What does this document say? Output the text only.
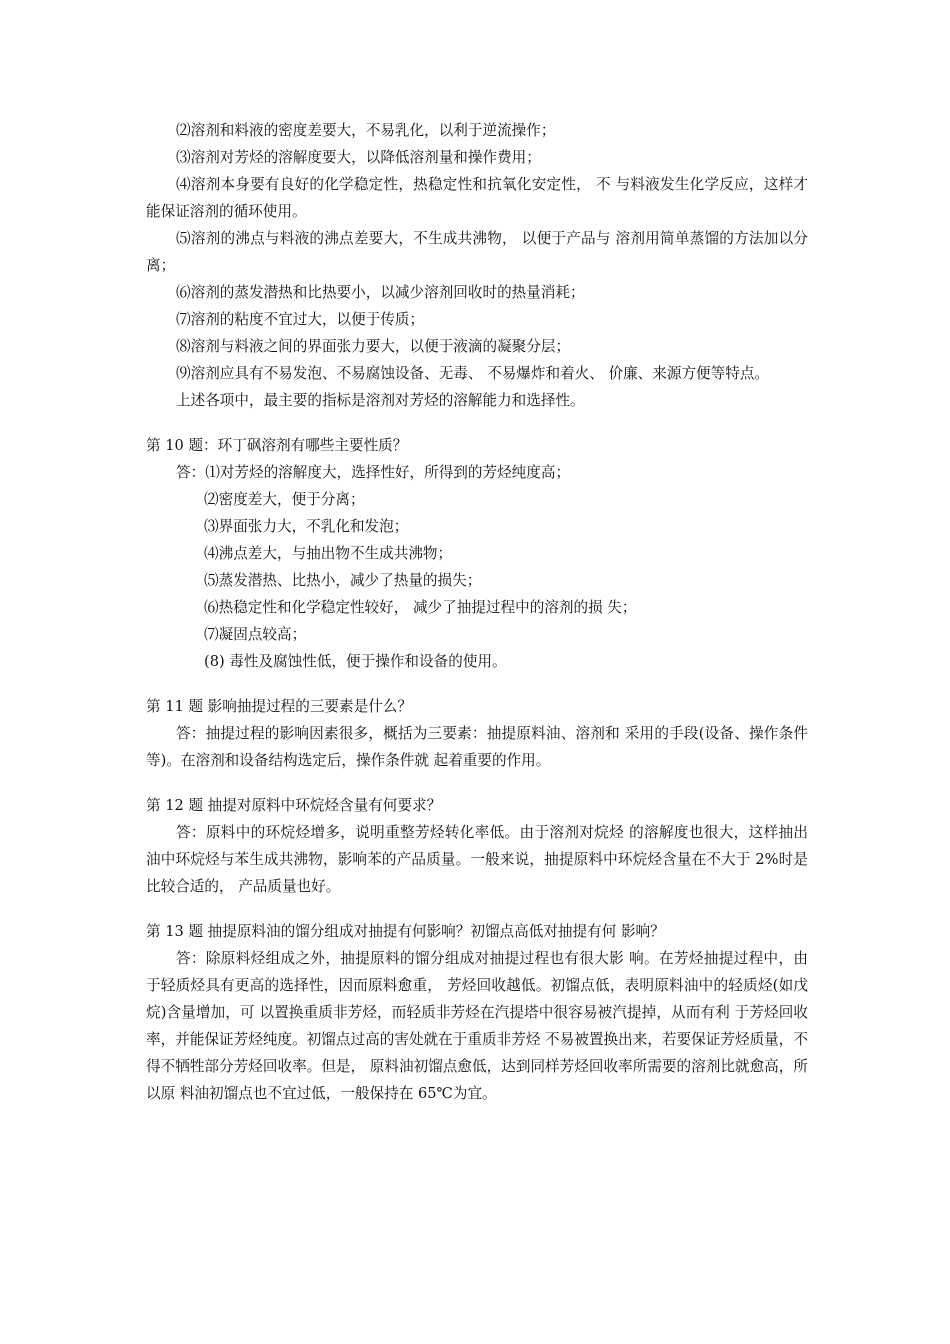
⑵溶剂和料液的密度差要大，不易乳化，以利于逆流操作；

⑶溶剂对芳烃的溶解度要大，以降低溶剂量和操作费用；

⑷溶剂本身要有良好的化学稳定性，热稳定性和抗氧化安定性， 不 与料液发生化学反应，这样才能保证溶剂的循环使用。

⑸溶剂的沸点与料液的沸点差要大，不生成共沸物， 以便于产品与 溶剂用简单蒸馏的方法加以分离；

⑹溶剂的蒸发潜热和比热要小，以减少溶剂回收时的热量消耗；

⑺溶剂的粘度不宜过大，以便于传质；

⑻溶剂与料液之间的界面张力要大，以便于液滴的凝聚分层；

⑼溶剂应具有不易发泡、不易腐蚀设备、无毒、 不易爆炸和着火、 价廉、来源方便等特点。

上述各项中，最主要的指标是溶剂对芳烃的溶解能力和选择性。

第 10 题：环丁砜溶剂有哪些主要性质？

答：⑴对芳烃的溶解度大，选择性好，所得到的芳烃纯度高；

⑵密度差大，便于分离；

⑶界面张力大，不乳化和发泡；

⑷沸点差大，与抽出物不生成共沸物；

⑸蒸发潜热、比热小，减少了热量的损失；

⑹热稳定性和化学稳定性较好， 减少了抽提过程中的溶剂的损 失；

⑺凝固点较高；

(8) 毒性及腐蚀性低，便于操作和设备的使用。

第 11 题 影响抽提过程的三要素是什么？

答：抽提过程的影响因素很多，概括为三要素：抽提原料油、溶剂和 采用的手段(设备、操作条件等)。在溶剂和设备结构选定后，操作条件就 起着重要的作用。

第 12 题 抽提对原料中环烷烃含量有何要求？

答：原料中的环烷烃增多，说明重整芳烃转化率低。由于溶剂对烷烃 的溶解度也很大，这样抽出油中环烷烃与苯生成共沸物，影响苯的产品质量。一般来说，抽提原料中环烷烃含量在不大于 2%时是比较合适的， 产品质量也好。

第 13 题 抽提原料油的馏分组成对抽提有何影响？初馏点高低对抽提有何 影响？

答：除原料烃组成之外，抽提原料的馏分组成对抽提过程也有很大影 响。在芳烃抽提过程中，由于轻质烃具有更高的选择性，因而原料愈重， 芳烃回收越低。初馏点低，表明原料油中的轻质烃(如戊烷)含量增加，可 以置换重质非芳烃，而轻质非芳烃在汽提塔中很容易被汽提掉，从而有利 于芳烃回收率，并能保证芳烃纯度。初馏点过高的害处就在于重质非芳烃 不易被置换出来，若要保证芳烃质量，不得不牺牲部分芳烃回收率。但是， 原料油初馏点愈低，达到同样芳烃回收率所需要的溶剂比就愈高，所以原 料油初馏点也不宜过低，一般保持在 65℃为宜。
